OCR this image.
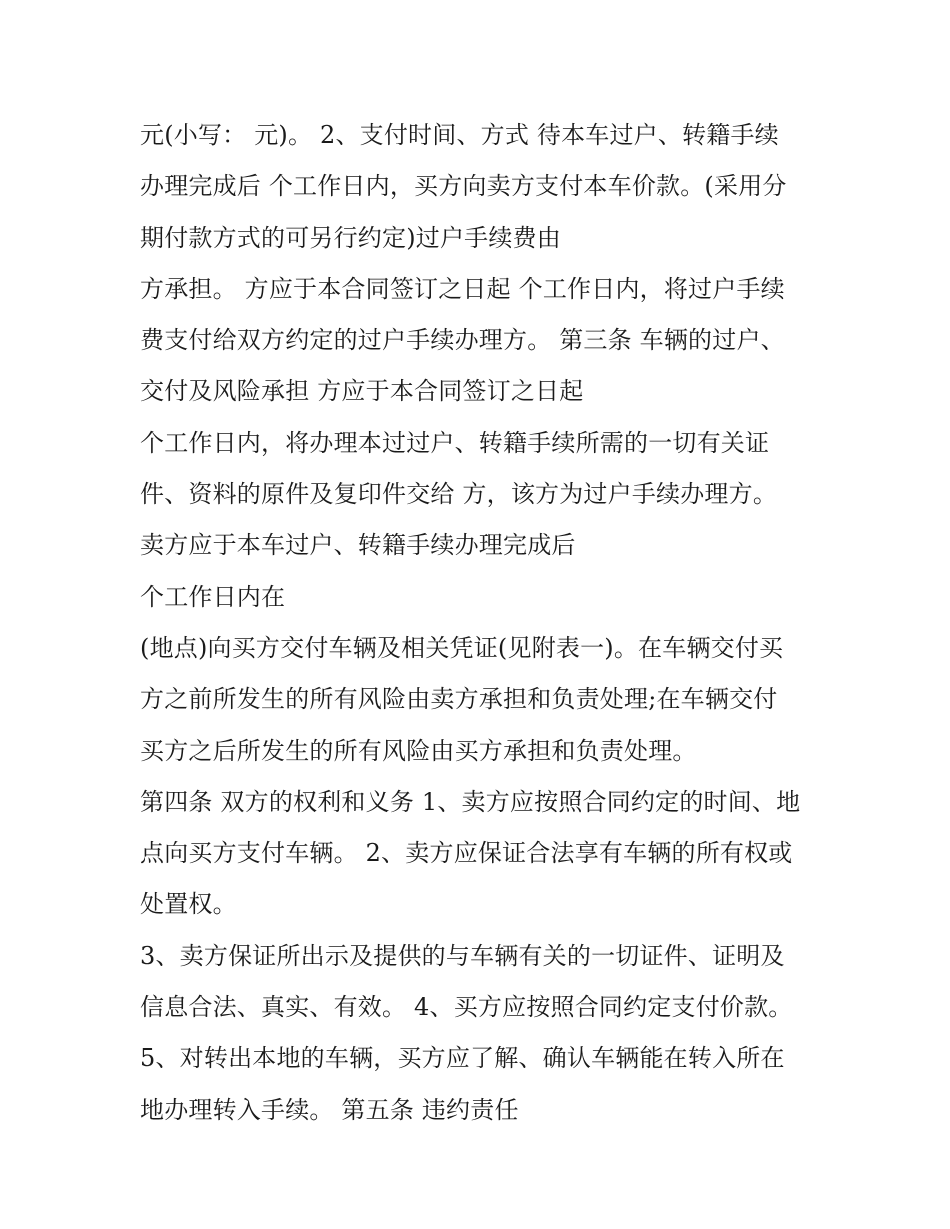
元(小写： 元)。 2、支付时间、方式 待本车过户、转籍手续
办理完成后 个工作日内，买方向卖方支付本车价款。(采用分
期付款方式的可另行约定)过户手续费由
方承担。 方应于本合同签订之日起 个工作日内，将过户手续
费支付给双方约定的过户手续办理方。 第三条 车辆的过户、
交付及风险承担 方应于本合同签订之日起
个工作日内，将办理本过过户、转籍手续所需的一切有关证
件、资料的原件及复印件交给 方，该方为过户手续办理方。
卖方应于本车过户、转籍手续办理完成后
个工作日内在
(地点)向买方交付车辆及相关凭证(见附表一)。在车辆交付买
方之前所发生的所有风险由卖方承担和负责处理;在车辆交付
买方之后所发生的所有风险由买方承担和负责处理。
第四条 双方的权利和义务 1、卖方应按照合同约定的时间、地
点向买方支付车辆。 2、卖方应保证合法享有车辆的所有权或
处置权。
3、卖方保证所出示及提供的与车辆有关的一切证件、证明及
信息合法、真实、有效。 4、买方应按照合同约定支付价款。
5、对转出本地的车辆，买方应了解、确认车辆能在转入所在
地办理转入手续。 第五条 违约责任
